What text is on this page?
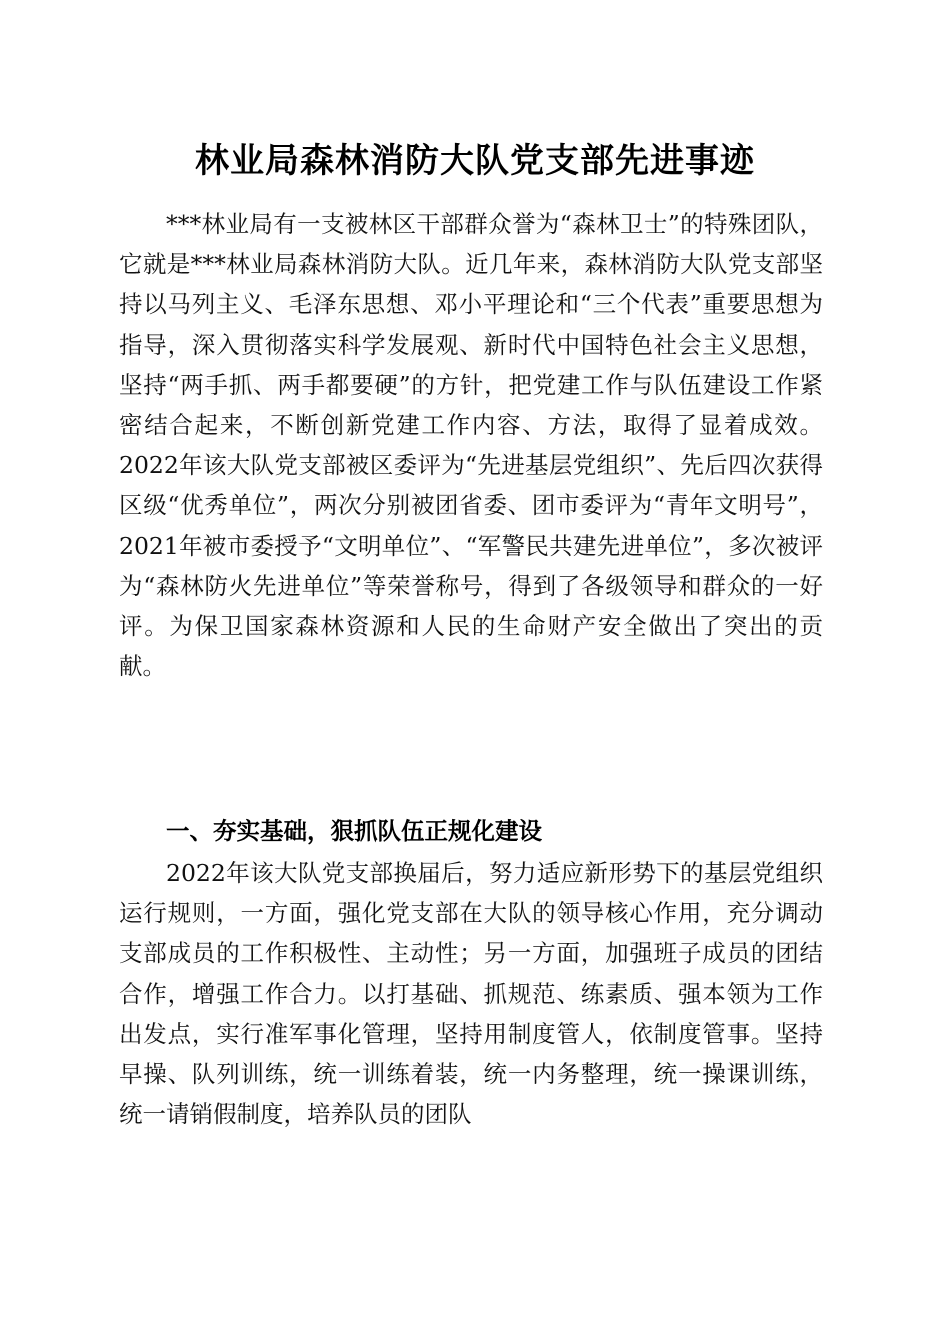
林业局森林消防大队党支部先进事迹

***林业局有一支被林区干部群众誉为“森林卫士”的特殊团队，它就是***林业局森林消防大队。近几年来，森林消防大队党支部坚持以马列主义、毛泽东思想、邓小平理论和“三个代表”重要思想为指导，深入贯彻落实科学发展观、新时代中国特色社会主义思想，坚持“两手抓、两手都要硬”的方针，把党建工作与队伍建设工作紧密结合起来，不断创新党建工作内容、方法，取得了显着成效。2022年该大队党支部被区委评为“先进基层党组织”、先后四次获得区级“优秀单位”，两次分别被团省委、团市委评为“青年文明号”，2021年被市委授予“文明单位”、“军警民共建先进单位”，多次被评为“森林防火先进单位”等荣誉称号，得到了各级领导和群众的一好评。为保卫国家森林资源和人民的生命财产安全做出了突出的贡献。

一、夯实基础，狠抓队伍正规化建设

2022年该大队党支部换届后，努力适应新形势下的基层党组织运行规则，一方面，强化党支部在大队的领导核心作用，充分调动支部成员的工作积极性、主动性；另一方面，加强班子成员的团结合作，增强工作合力。以打基础、抓规范、练素质、强本领为工作出发点，实行准军事化管理，坚持用制度管人，依制度管事。坚持早操、队列训练，统一训练着装，统一内务整理，统一操课训练，统一请销假制度，培养队员的团队
